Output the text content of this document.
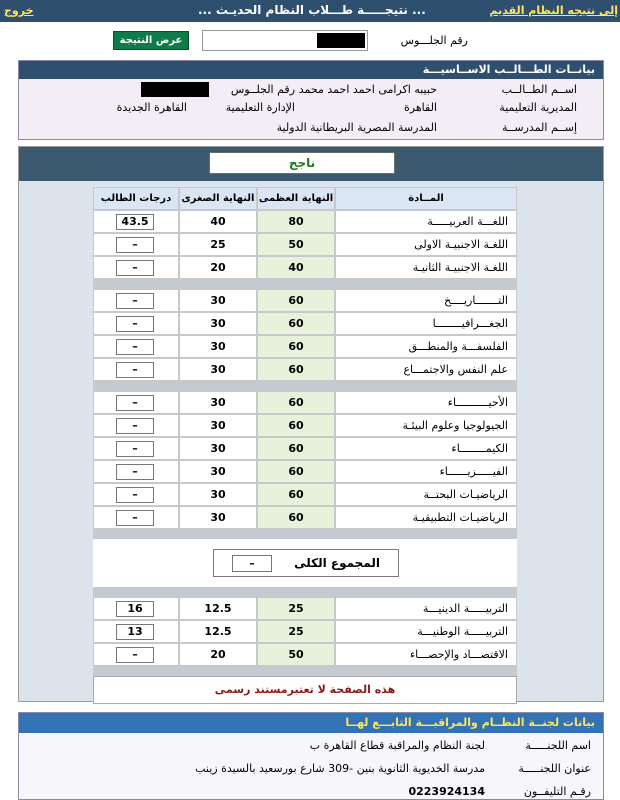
إلى نتيجه النظام القديم
... نتيجـــــة طـــلاب النظام الحديـث ...
خروج
رقم الجلـــوس
عرض النتيجة
بيانــات الطـــالــب الاســاسيـــة
اســم الطــالــب
حبيبه اكرامى احمد احمد محمد
رقم الجلــوس
المديرية التعليمية
القاهرة
الإدارة التعليمية
القاهرة الجديدة
إســم المدرســة
المدرسة المصرية البريطانية الدولية
ناجح
درجات الطالب	النهاية الصغرى النهاية العظمى	المــادة
43.5	40	80	اللغـــة العربيـــــة
–	25	50	اللغـة الاجنبيـة الاولى
–	20	40	اللغـة الاجنبيـة الثانيـة
–	30	60	التـــــــاريــــخ
–	30	60	الجغـــرافيــــــــا
–	30	60	الفلسفـــة والمنطـــق
–	30	60	علم النفس والاجتمـــاع
–	30	60	الأحيــــــــــاء
–	30	60	الجيولوجيا وعلوم البيئـة
–	30	60	الكيمــــــــاء
–	30	60	الفيـــــزيــــــاء
–	30	60	الرياضيـات البحتــة
–	30	60	الرياضيـات التطبيقيـة
16	12.5	25	التربيـــــة الدينيـــة
13	12.5	25	التربيـــــة الوطنيـــة
–	20	50	الاقتصـــاد والإحصـــاء
المجموع الكلى
–
هذه الصفحة لا تعتبرمستند رسمى
بيانات لجنــة النظــام والمراقبـــة التابـــع لهــا
اسم اللجنـــــة
لجنة النظام والمراقبة قطاع القاهرة ب
عنوان اللجنـــــة
مدرسة الخديوية الثانوية بنين -309 شارع بورسعيد بالسيدة زينب
رقـم التليفــون
0223924134
